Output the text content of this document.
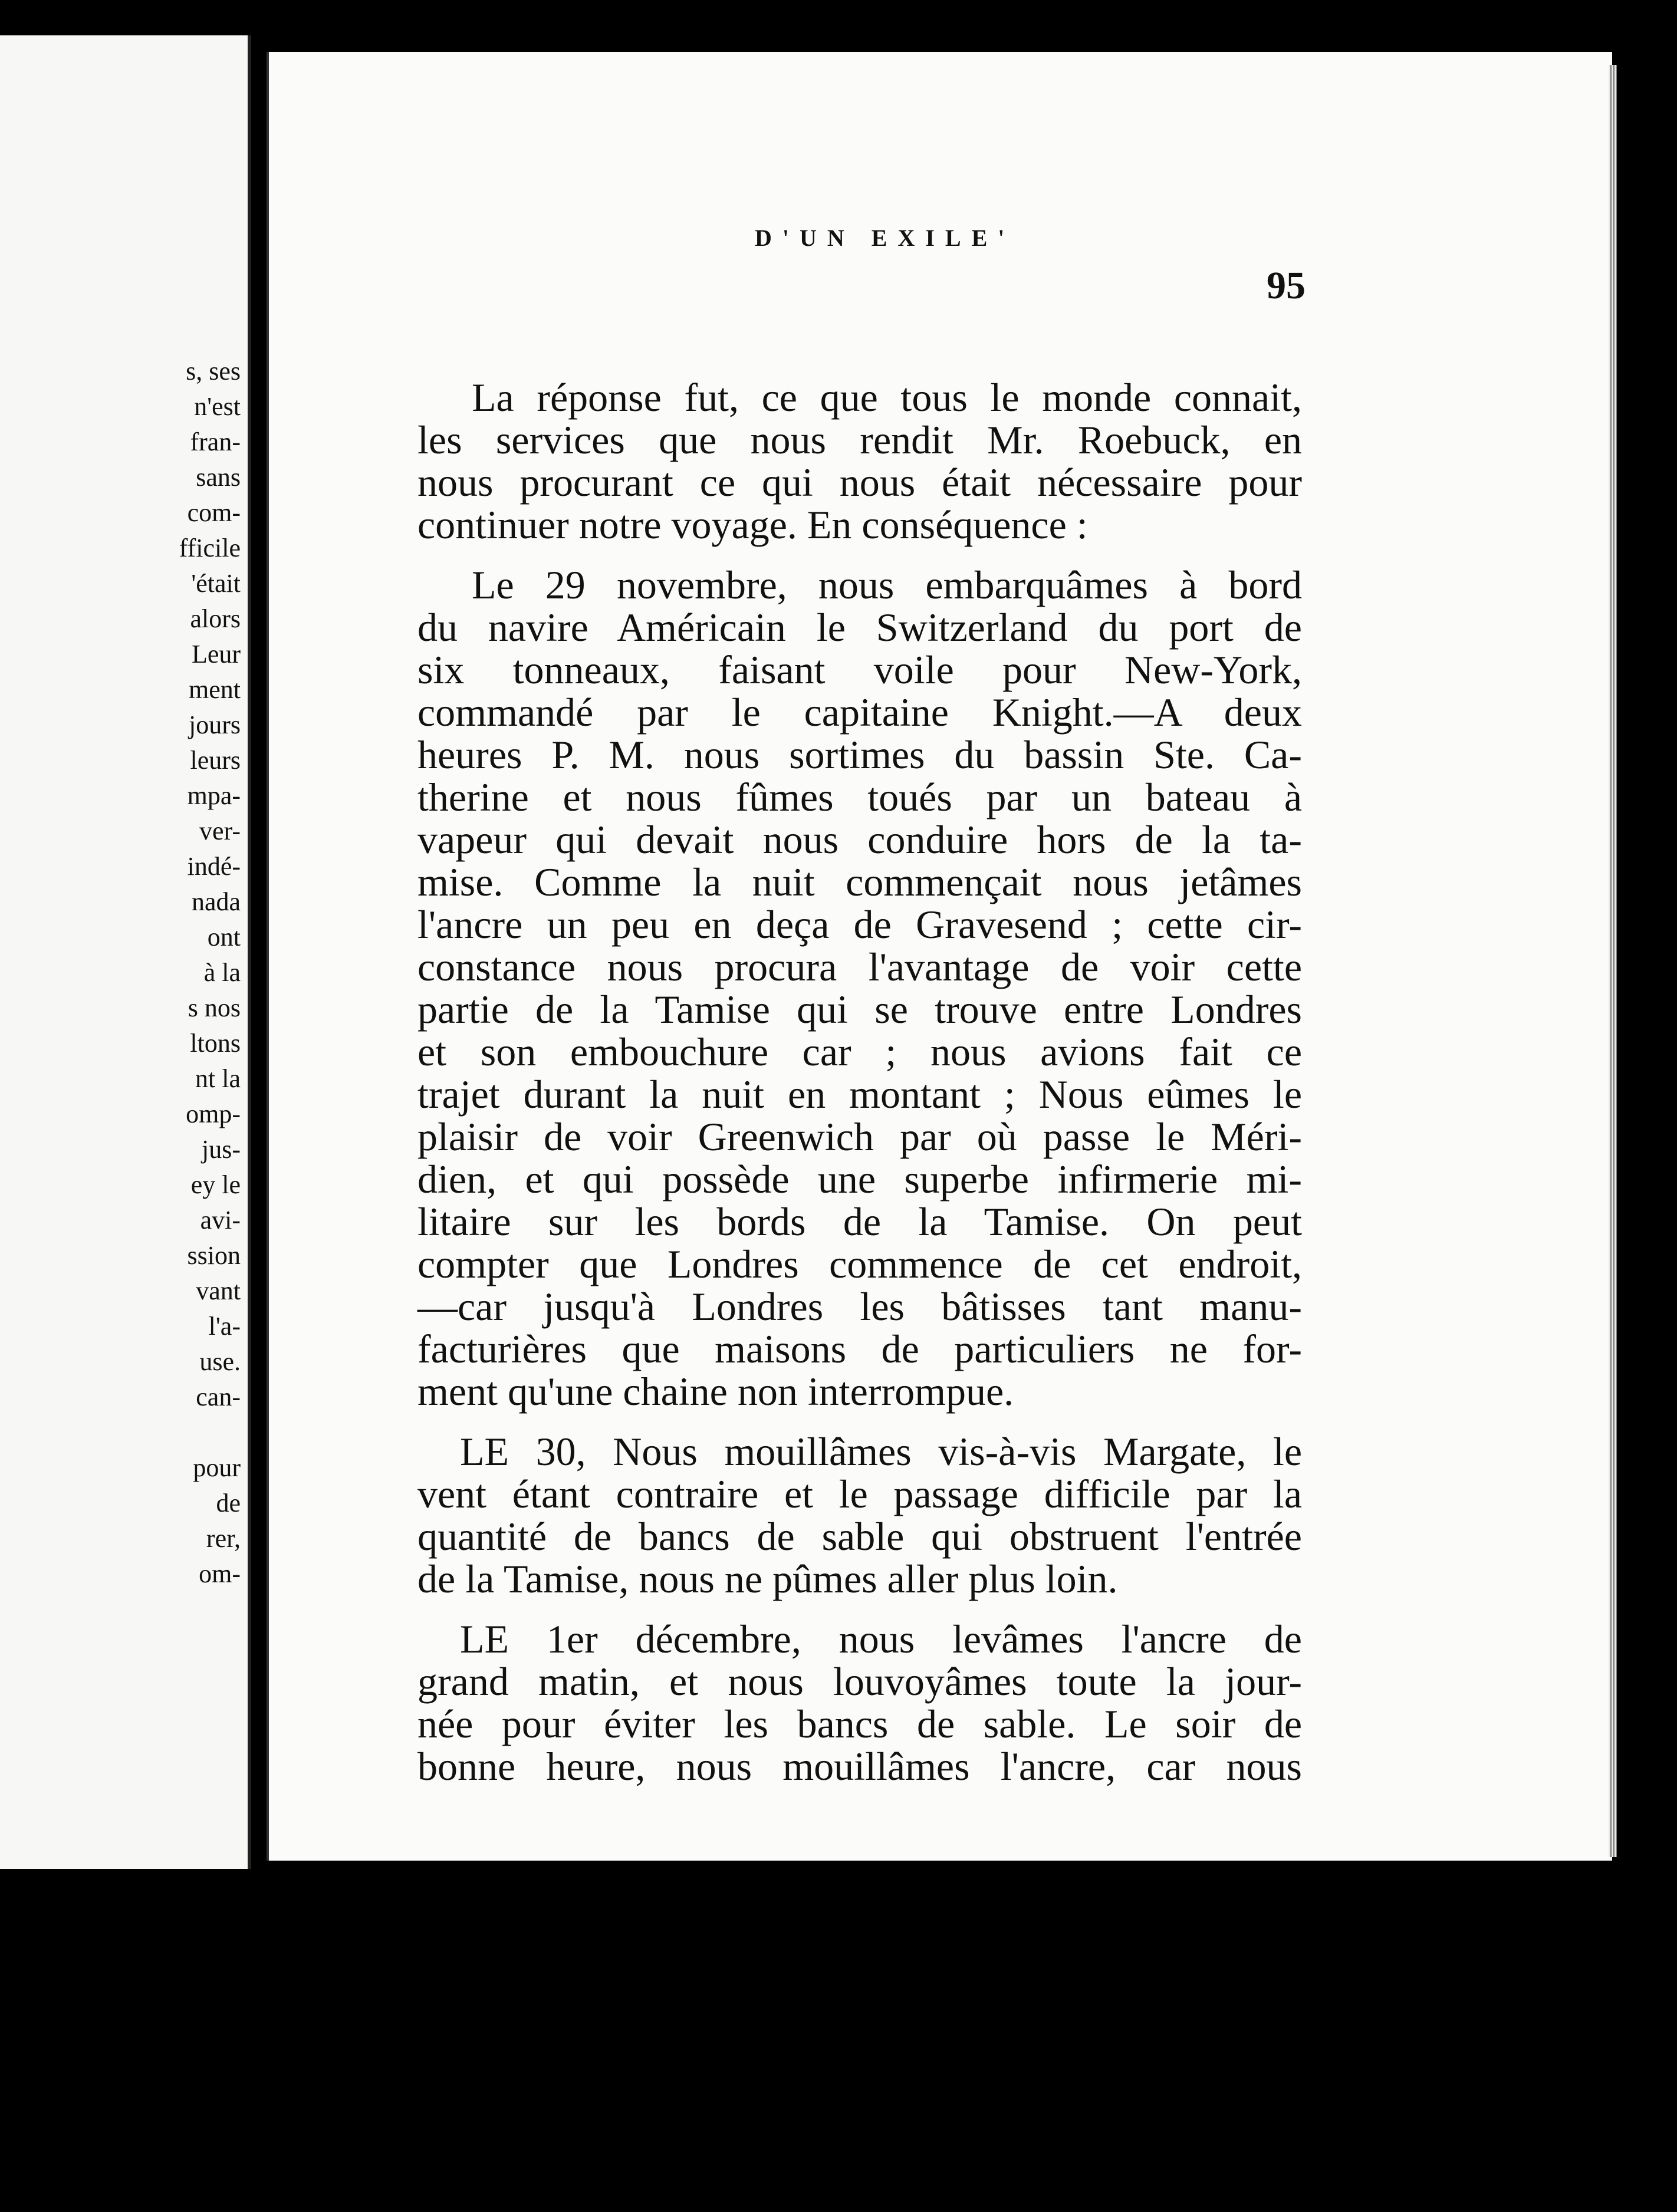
s, ses
n'est
fran-
sans
com-
fficile
'était
alors
Leur
ment
jours
leurs
mpa-
ver-
indé-
nada
ont
à la
s nos
ltons
nt la
omp-
jus-
ey le
avi-
ssion
vant
l'a-
use.
can-
pour
de
rer,
om-
D'UN EXILE'
95
La réponse fut, ce que tous le monde connait,
les services que nous rendit Mr. Roebuck, en
nous procurant ce qui nous était nécessaire pour
continuer notre voyage. En conséquence :
Le 29 novembre, nous embarquâmes à bord
du navire Américain le Switzerland du port de
six tonneaux, faisant voile pour New-York,
commandé par le capitaine Knight.—A deux
heures P. M. nous sortimes du bassin Ste. Ca-
therine et nous fûmes toués par un bateau à
vapeur qui devait nous conduire hors de la ta-
mise. Comme la nuit commençait nous jetâmes
l'ancre un peu en deça de Gravesend ; cette cir-
constance nous procura l'avantage de voir cette
partie de la Tamise qui se trouve entre Londres
et son embouchure car ; nous avions fait ce
trajet durant la nuit en montant ; Nous eûmes le
plaisir de voir Greenwich par où passe le Méri-
dien, et qui possède une superbe infirmerie mi-
litaire sur les bords de la Tamise. On peut
compter que Londres commence de cet endroit,
—car jusqu'à Londres les bâtisses tant manu-
facturières que maisons de particuliers ne for-
ment qu'une chaine non interrompue.
LE 30, Nous mouillâmes vis-à-vis Margate, le
vent étant contraire et le passage difficile par la
quantité de bancs de sable qui obstruent l'entrée
de la Tamise, nous ne pûmes aller plus loin.
LE 1er décembre, nous levâmes l'ancre de
grand matin, et nous louvoyâmes toute la jour-
née pour éviter les bancs de sable. Le soir de
bonne heure, nous mouillâmes l'ancre, car nous
